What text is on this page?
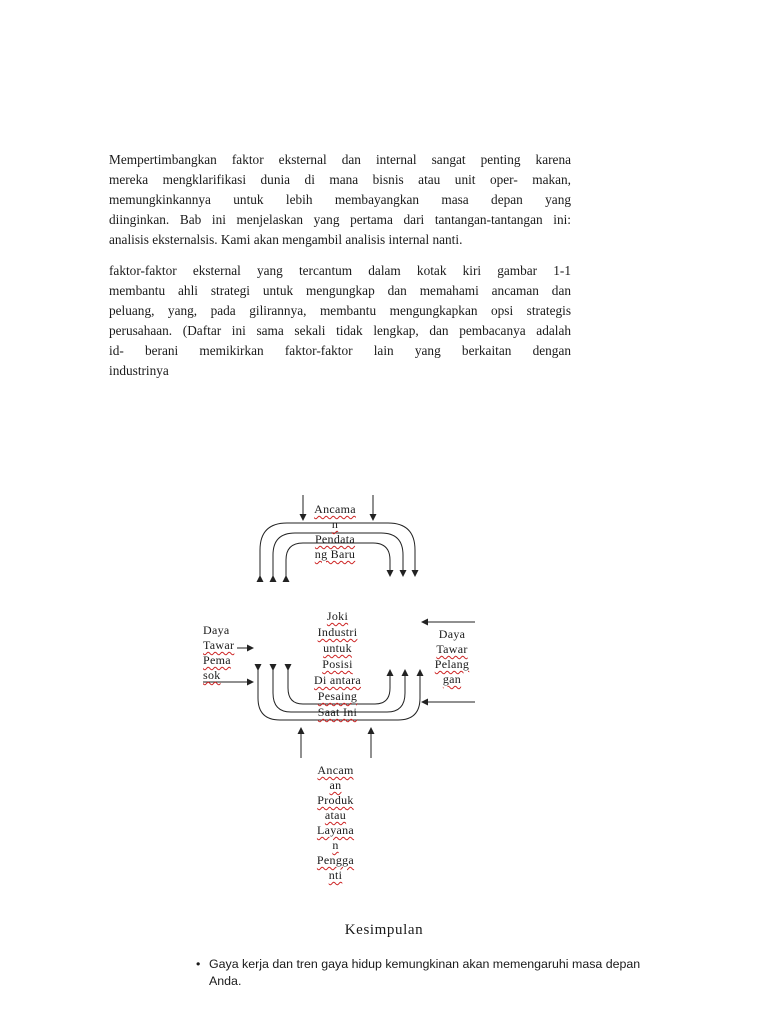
Mempertimbangkan faktor eksternal dan internal sangat penting karena
mereka mengklarifikasi dunia di mana bisnis atau unit oper- makan,
memungkinkannya untuk lebih membayangkan masa depan yang
diinginkan. Bab ini menjelaskan yang pertama dari tantangan-tantangan ini:
analisis eksternalsis. Kami akan mengambil analisis internal nanti.

faktor-faktor eksternal yang tercantum dalam kotak kiri gambar 1-1
membantu ahli strategi untuk mengungkap dan memahami ancaman dan
peluang, yang, pada gilirannya, membantu mengungkapkan opsi strategis
perusahaan. (Daftar ini sama sekali tidak lengkap, dan pembacanya adalah
id- berani memikirkan faktor-faktor lain yang berkaitan dengan
industrinya

Ancama
n
Pendata
ng Baru
Joki
Industri
untuk
Posisi
Di antara
Pesaing
Saat Ini
Daya
Tawar
Pema
sok
Daya
Tawar
Pelang
gan
Ancam
an
Produk
atau
Layana
n
Pengga
nti
Kesimpulan
• Gaya kerja dan tren gaya hidup kemungkinan akan memengaruhi masa depan
Anda.
